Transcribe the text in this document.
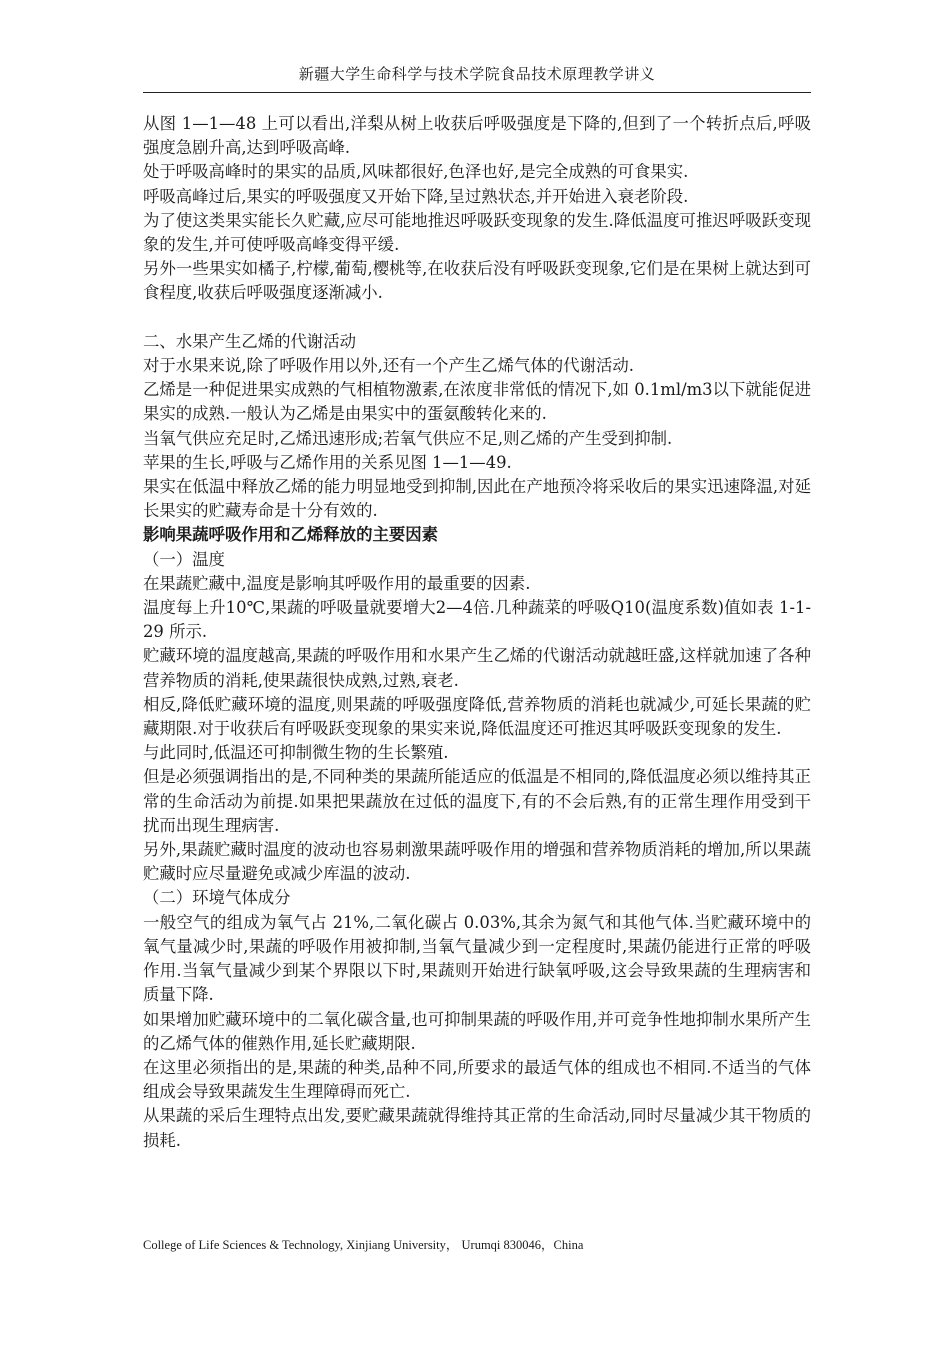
新疆大学生命科学与技术学院食品技术原理教学讲义

从图 1—1—48 上可以看出,洋梨从树上收获后呼吸强度是下降的,但到了一个转折点后,呼吸强度急剧升高,达到呼吸高峰.

处于呼吸高峰时的果实的品质,风味都很好,色泽也好,是完全成熟的可食果实.

呼吸高峰过后,果实的呼吸强度又开始下降,呈过熟状态,并开始进入衰老阶段.

为了使这类果实能长久贮藏,应尽可能地推迟呼吸跃变现象的发生.降低温度可推迟呼吸跃变现象的发生,并可使呼吸高峰变得平缓.

另外一些果实如橘子,柠檬,葡萄,樱桃等,在收获后没有呼吸跃变现象,它们是在果树上就达到可食程度,收获后呼吸强度逐渐减小.

二、水果产生乙烯的代谢活动

对于水果来说,除了呼吸作用以外,还有一个产生乙烯气体的代谢活动.

乙烯是一种促进果实成熟的气相植物激素,在浓度非常低的情况下,如 0.1ml/m3以下就能促进果实的成熟.一般认为乙烯是由果实中的蛋氨酸转化来的.

当氧气供应充足时,乙烯迅速形成;若氧气供应不足,则乙烯的产生受到抑制.

苹果的生长,呼吸与乙烯作用的关系见图 1—1—49.

果实在低温中释放乙烯的能力明显地受到抑制,因此在产地预冷将采收后的果实迅速降温,对延长果实的贮藏寿命是十分有效的.

影响果蔬呼吸作用和乙烯释放的主要因素

（一）温度

在果蔬贮藏中,温度是影响其呼吸作用的最重要的因素.

温度每上升10℃,果蔬的呼吸量就要增大2—4倍.几种蔬菜的呼吸Q10(温度系数)值如表 1-1-29 所示.

贮藏环境的温度越高,果蔬的呼吸作用和水果产生乙烯的代谢活动就越旺盛,这样就加速了各种营养物质的消耗,使果蔬很快成熟,过熟,衰老.

相反,降低贮藏环境的温度,则果蔬的呼吸强度降低,营养物质的消耗也就减少,可延长果蔬的贮藏期限.对于收获后有呼吸跃变现象的果实来说,降低温度还可推迟其呼吸跃变现象的发生.

与此同时,低温还可抑制微生物的生长繁殖.

但是必须强调指出的是,不同种类的果蔬所能适应的低温是不相同的,降低温度必须以维持其正常的生命活动为前提.如果把果蔬放在过低的温度下,有的不会后熟,有的正常生理作用受到干扰而出现生理病害.

另外,果蔬贮藏时温度的波动也容易刺激果蔬呼吸作用的增强和营养物质消耗的增加,所以果蔬贮藏时应尽量避免或减少库温的波动.

（二）环境气体成分

一般空气的组成为氧气占 21%,二氧化碳占 0.03%,其余为氮气和其他气体.当贮藏环境中的氧气量减少时,果蔬的呼吸作用被抑制,当氧气量减少到一定程度时,果蔬仍能进行正常的呼吸作用.当氧气量减少到某个界限以下时,果蔬则开始进行缺氧呼吸,这会导致果蔬的生理病害和质量下降.

如果增加贮藏环境中的二氧化碳含量,也可抑制果蔬的呼吸作用,并可竞争性地抑制水果所产生的乙烯气体的催熟作用,延长贮藏期限.

在这里必须指出的是,果蔬的种类,品种不同,所要求的最适气体的组成也不相同.不适当的气体组成会导致果蔬发生生理障碍而死亡.

从果蔬的采后生理特点出发,要贮藏果蔬就得维持其正常的生命活动,同时尽量减少其干物质的损耗.

College of Life Sciences & Technology, Xinjiang University， Urumqi 830046，China
